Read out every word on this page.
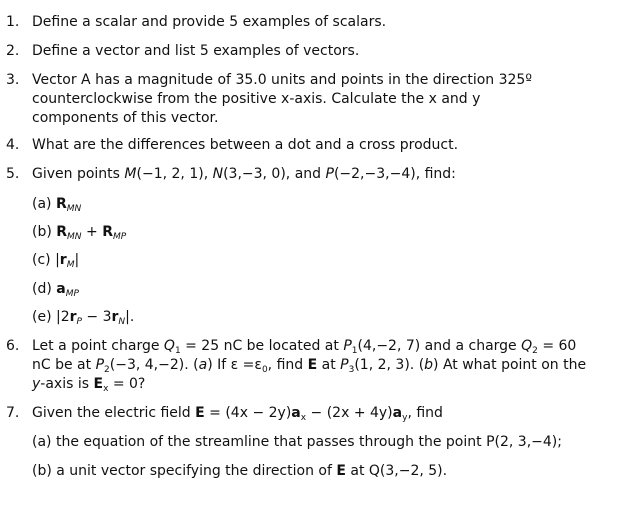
1. Define a scalar and provide 5 examples of scalars.
2. Define a vector and list 5 examples of vectors.
3. Vector A has a magnitude of 35.0 units and points in the direction 325º counterclockwise from the positive x-axis. Calculate the x and y components of this vector.
4. What are the differences between a dot and a cross product.
5. Given points M(−1, 2, 1), N(3,−3, 0), and P(−2,−3,−4), find:
(a) $R_{MN}$
(b) $R_{MN} + R_{MP}$
(c) $|r_M|$
(d) $a_{MP}$
(e) $|2r_P - 3r_N|$.
6. Let a point charge $Q_1 = 25$ nC be located at $P_1(4,-2$, 7) and a charge $Q_2 = 60$ nC be at $P_2(-3$, 4,−2). (a) If $\varepsilon =\varepsilon_0$, find E at $P_3(1$, 2, 3). (b) At what point on the y-axis is $E_x = 0$?
7. Given the electric field $E = (4x - 2y)a_x - (2x + 4y)a_y$, find
(a) the equation of the streamline that passes through the point P(2, 3,−4);
(b) a unit vector specifying the direction of E at Q(3,−2, 5).
